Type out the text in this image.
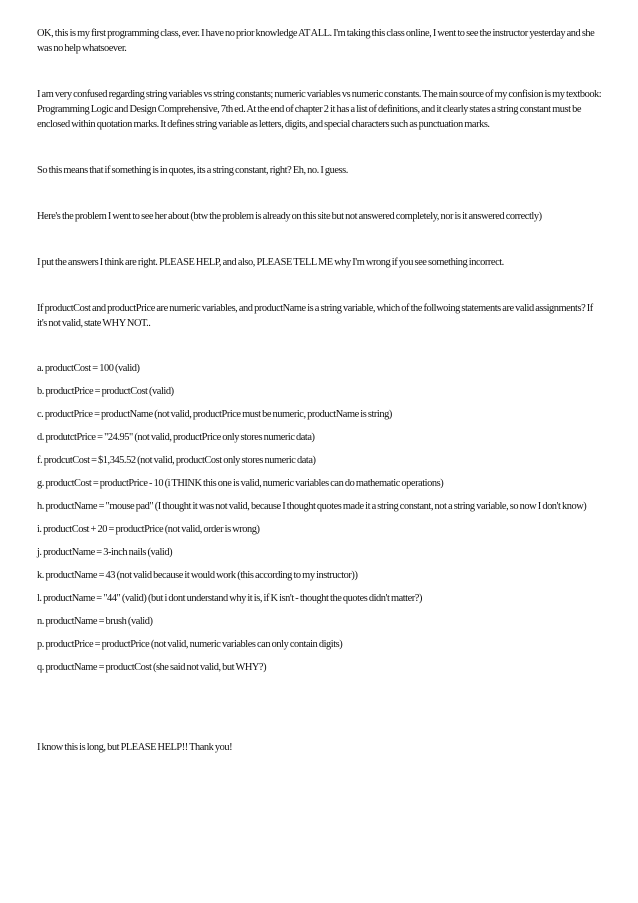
OK, this is my first programming class, ever. I have no prior knowledge AT ALL. I'm taking this class online, I went to see the instructor yesterday and she was no help whatsoever.

I am very confused regarding string variables vs string constants; numeric variables vs numeric constants. The main source of my confision is my textbook: Programming Logic and Design Comprehensive, 7th ed. At the end of chapter 2 it has a list of definitions, and it clearly states a string constant must be enclosed within quotation marks. It defines string variable as letters, digits, and special characters such as punctuation marks.

So this means that if something is in quotes, its a string constant, right? Eh, no. I guess.

Here's the problem I went to see her about (btw the problem is already on this site but not answered completely, nor is it answered correctly)

I put the answers I think are right. PLEASE HELP, and also, PLEASE TELL ME why I'm wrong if you see something incorrect.

If productCost and productPrice are numeric variables, and productName is a string variable, which of the follwoing statements are valid assignments? If it's not valid, state WHY NOT..

a. productCost = 100 (valid)

b. productPrice = productCost (valid)

c. productPrice = productName (not valid, productPrice must be numeric, productName is string)

d. produtctPrice = "24.95" (not valid, productPrice only stores numeric data)

f. prodcutCost = $1,345.52 (not valid, productCost only stores numeric data)

g. productCost = productPrice - 10 (i THINK this one is valid, numeric variables can do mathematic operations)

h. productName = "mouse pad" (I thought it was not valid, because I thought quotes made it a string constant, not a string variable, so now I don't know)

i. productCost + 20 = productPrice (not valid, order is wrong)

j. productName = 3-inch nails (valid)

k. productName = 43 (not valid because it would work (this according to my instructor))

l. productName = "44" (valid) (but i dont understand why it is, if K isn't - thought the quotes didn't matter?)

n. productName = brush (valid)

p. productPrice = productPrice (not valid, numeric variables can only contain digits)

q. productName = productCost (she said not valid, but WHY?)

I know this is long, but PLEASE HELP!! Thank you!
